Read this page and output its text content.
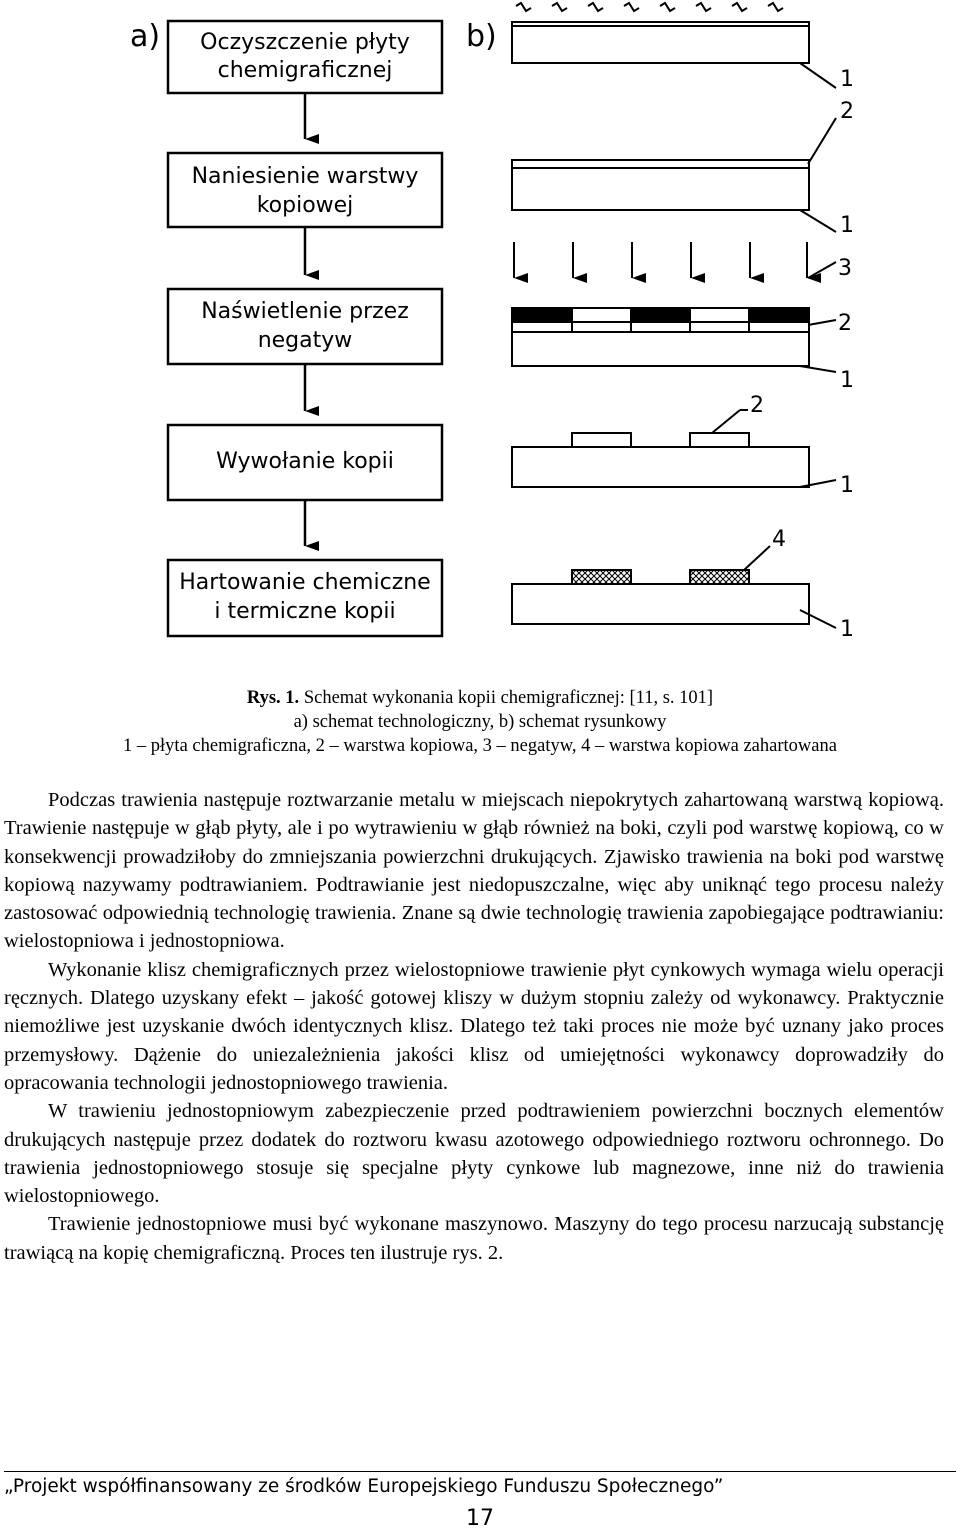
a)	b)
Oczyszczenie płyty
chemigraficznej
Naniesienie warstwy
kopiowej
Naświetlenie przez
negatyw
Wywołanie kopii
Hartowanie chemiczne
i termiczne kopii
1
2
1
3
2
1
2
1
4
1
Rys. 1. Schemat wykonania kopii chemigraficznej: [11, s. 101]
a) schemat technologiczny, b) schemat rysunkowy
1 – płyta chemigraficzna, 2 – warstwa kopiowa, 3 – negatyw, 4 – warstwa kopiowa zahartowana

Podczas trawienia następuje roztwarzanie metalu w miejscach niepokrytych zahartowaną warstwą kopiową. Trawienie następuje w głąb płyty, ale i po wytrawieniu w głąb również na boki, czyli pod warstwę kopiową, co w konsekwencji prowadziłoby do zmniejszania powierzchni drukujących. Zjawisko trawienia na boki pod warstwę kopiową nazywamy podtrawianiem. Podtrawianie jest niedopuszczalne, więc aby uniknąć tego procesu należy zastosować odpowiednią technologię trawienia. Znane są dwie technologię trawienia zapobiegające podtrawianiu: wielostopniowa i jednostopniowa.

Wykonanie klisz chemigraficznych przez wielostopniowe trawienie płyt cynkowych wymaga wielu operacji ręcznych. Dlatego uzyskany efekt – jakość gotowej kliszy w dużym stopniu zależy od wykonawcy. Praktycznie niemożliwe jest uzyskanie dwóch identycznych klisz. Dlatego też taki proces nie może być uznany jako proces przemysłowy. Dążenie do uniezależnienia jakości klisz od umiejętności wykonawcy doprowadziły do opracowania technologii jednostopniowego trawienia.

W trawieniu jednostopniowym zabezpieczenie przed podtrawieniem powierzchni bocznych elementów drukujących następuje przez dodatek do roztworu kwasu azotowego odpowiedniego roztworu ochronnego. Do trawienia jednostopniowego stosuje się specjalne płyty cynkowe lub magnezowe, inne niż do trawienia wielostopniowego.

Trawienie jednostopniowe musi być wykonane maszynowo. Maszyny do tego procesu narzucają substancję trawiącą na kopię chemigraficzną. Proces ten ilustruje rys. 2.

„Projekt współfinansowany ze środków Europejskiego Funduszu Społecznego”
17
